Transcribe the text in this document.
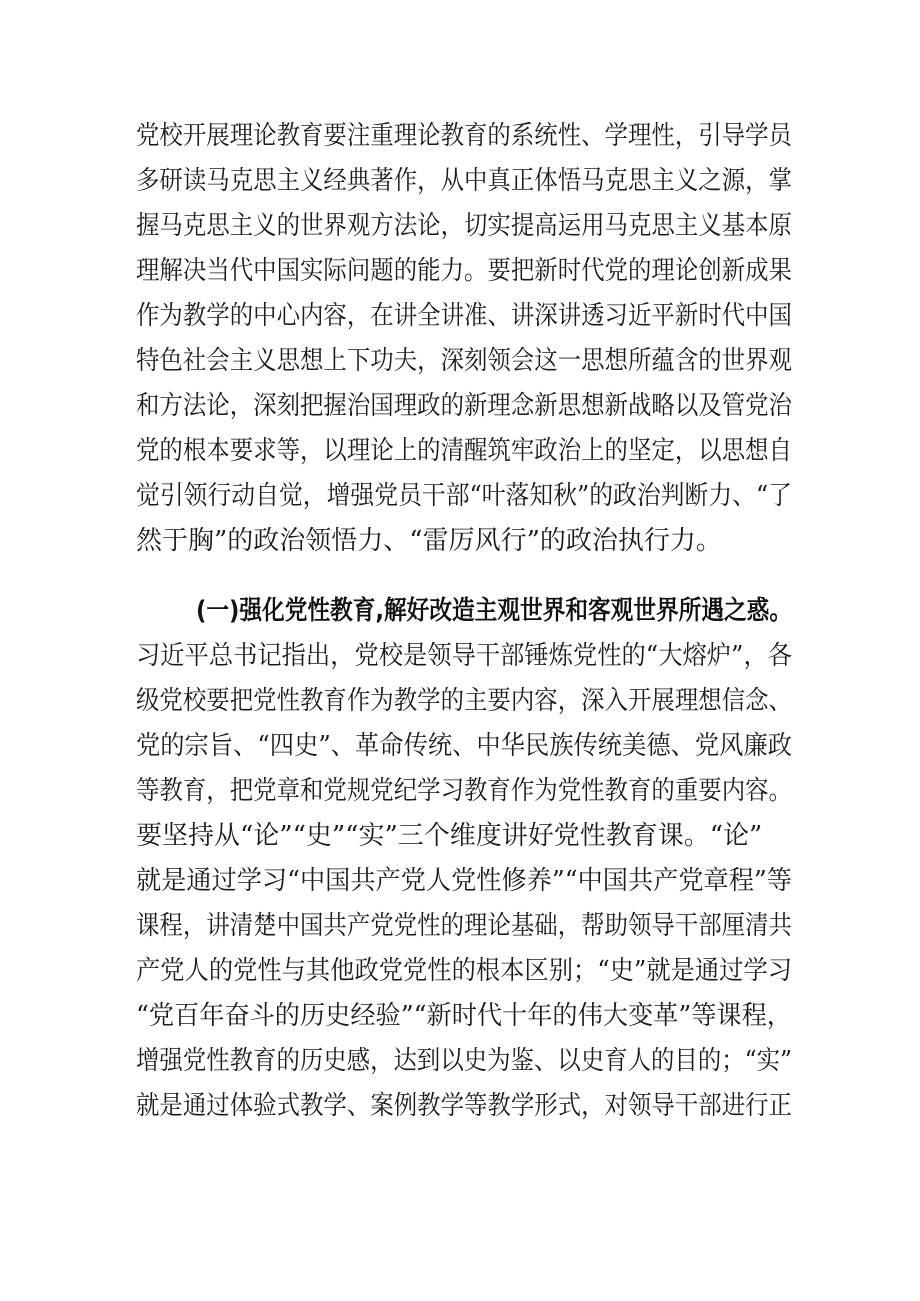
党校开展理论教育要注重理论教育的系统性、学理性，引导学员
多研读马克思主义经典著作，从中真正体悟马克思主义之源，掌
握马克思主义的世界观方法论，切实提高运用马克思主义基本原
理解决当代中国实际问题的能力。要把新时代党的理论创新成果
作为教学的中心内容，在讲全讲准、讲深讲透习近平新时代中国
特色社会主义思想上下功夫，深刻领会这一思想所蕴含的世界观
和方法论，深刻把握治国理政的新理念新思想新战略以及管党治
党的根本要求等，以理论上的清醒筑牢政治上的坚定，以思想自
觉引领行动自觉，增强党员干部“叶落知秋”的政治判断力、“了
然于胸”的政治领悟力、“雷厉风行”的政治执行力。
(一)强化党性教育,解好改造主观世界和客观世界所遇之惑。
习近平总书记指出，党校是领导干部锤炼党性的“大熔炉”，各
级党校要把党性教育作为教学的主要内容，深入开展理想信念、
党的宗旨、“四史”、革命传统、中华民族传统美德、党风廉政
等教育，把党章和党规党纪学习教育作为党性教育的重要内容。
要坚持从“论”“史”“实”三个维度讲好党性教育课。“论”
就是通过学习“中国共产党人党性修养”“中国共产党章程”等
课程，讲清楚中国共产党党性的理论基础，帮助领导干部厘清共
产党人的党性与其他政党党性的根本区别；“史”就是通过学习
“党百年奋斗的历史经验”“新时代十年的伟大变革”等课程，
增强党性教育的历史感，达到以史为鉴、以史育人的目的；“实”
就是通过体验式教学、案例教学等教学形式，对领导干部进行正
